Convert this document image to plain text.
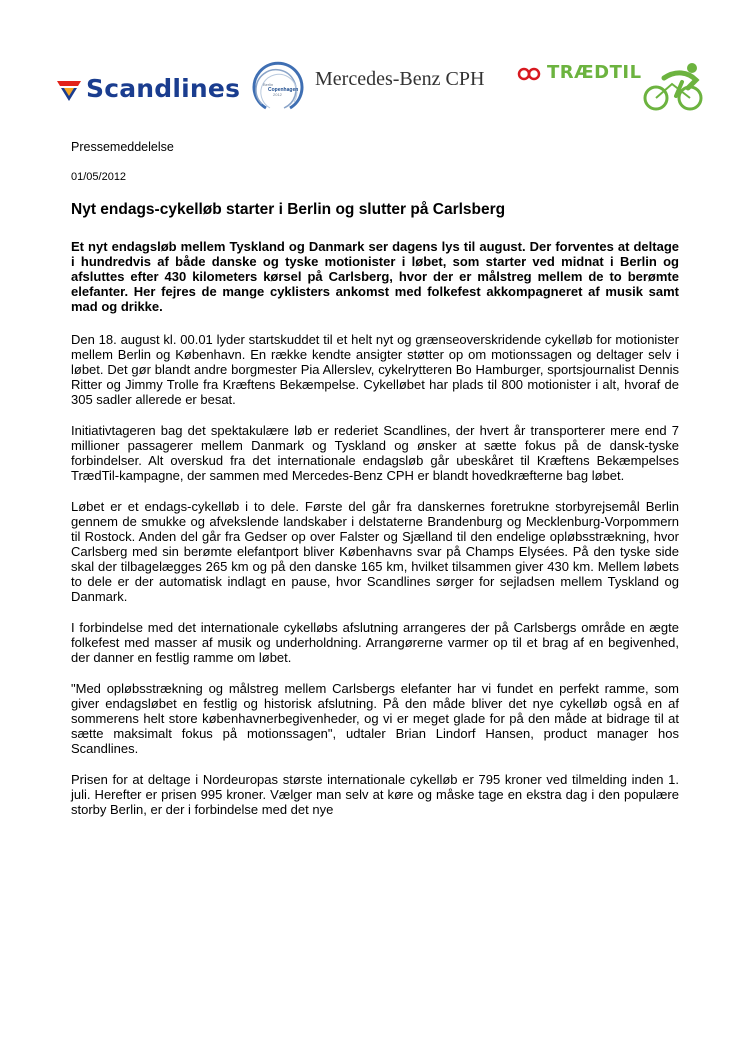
Scandlines	Berlin
Copenhagen
2012
Mercedes-Benz CPH	TRÆDTIL
Pressemeddelelse
01/05/2012
Nyt endags-cykelløb starter i Berlin og slutter på Carlsberg

Et nyt endagsløb mellem Tyskland og Danmark ser dagens lys til august. Der forventes at deltage i hundredvis af både danske og tyske motionister i løbet, som starter ved midnat i Berlin og afsluttes efter 430 kilometers kørsel på Carlsberg, hvor der er målstreg mellem de to berømte elefanter. Her fejres de mange cyklisters ankomst med folkefest akkompagneret af musik samt mad og drikke.

Den 18. august kl. 00.01 lyder startskuddet til et helt nyt og grænseoverskridende cykelløb for motionister mellem Berlin og København. En række kendte ansigter støtter op om motionssagen og deltager selv i løbet. Det gør blandt andre borgmester Pia Allerslev, cykelrytteren Bo Hamburger, sportsjournalist Dennis Ritter og Jimmy Trolle fra Kræftens Bekæmpelse. Cykelløbet har plads til 800 motionister i alt, hvoraf de 305 sadler allerede er besat.

Initiativtageren bag det spektakulære løb er rederiet Scandlines, der hvert år transporterer mere end 7 millioner passagerer mellem Danmark og Tyskland og ønsker at sætte fokus på de dansk-tyske forbindelser. Alt overskud fra det internationale endagsløb går ubeskåret til Kræftens Bekæmpelses TrædTil-kampagne, der sammen med Mercedes-Benz CPH er blandt hovedkræfterne bag løbet.

Løbet er et endags-cykelløb i to dele. Første del går fra danskernes foretrukne storbyrejsemål Berlin gennem de smukke og afvekslende landskaber i delstaterne Brandenburg og Mecklenburg-Vorpommern til Rostock. Anden del går fra Gedser op over Falster og Sjælland til den endelige opløbsstrækning, hvor Carlsberg med sin berømte elefantport bliver Københavns svar på Champs Elysées. På den tyske side skal der tilbagelægges 265 km og på den danske 165 km, hvilket tilsammen giver 430 km. Mellem løbets to dele er der automatisk indlagt en pause, hvor Scandlines sørger for sejladsen mellem Tyskland og Danmark.

I forbindelse med det internationale cykelløbs afslutning arrangeres der på Carlsbergs område en ægte folkefest med masser af musik og underholdning. Arrangørerne varmer op til et brag af en begivenhed, der danner en festlig ramme om løbet.

"Med opløbsstrækning og målstreg mellem Carlsbergs elefanter har vi fundet en perfekt ramme, som giver endagsløbet en festlig og historisk afslutning. På den måde bliver det nye cykelløb også en af sommerens helt store københavnerbegivenheder, og vi er meget glade for på den måde at bidrage til at sætte maksimalt fokus på motionssagen", udtaler Brian Lindorf Hansen, product manager hos Scandlines.

Prisen for at deltage i Nordeuropas største internationale cykelløb er 795 kroner ved tilmelding inden 1. juli. Herefter er prisen 995 kroner. Vælger man selv at køre og måske tage en ekstra dag i den populære storby Berlin, er der i forbindelse med det nye
